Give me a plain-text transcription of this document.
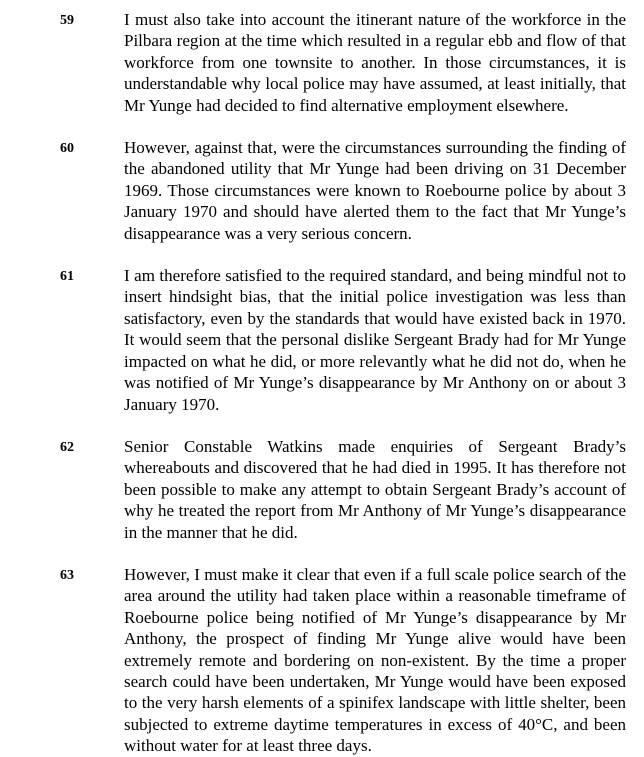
59	I must also take into account the itinerant nature of the workforce in the Pilbara region at the time which resulted in a regular ebb and flow of that workforce from one townsite to another. In those circumstances, it is understandable why local police may have assumed, at least initially, that Mr Yunge had decided to find alternative employment elsewhere.

60	However, against that, were the circumstances surrounding the finding of the abandoned utility that Mr Yunge had been driving on 31 December 1969. Those circumstances were known to Roebourne police by about 3 January 1970 and should have alerted them to the fact that Mr Yunge’s disappearance was a very serious concern.

61	I am therefore satisfied to the required standard, and being mindful not to insert hindsight bias, that the initial police investigation was less than satisfactory, even by the standards that would have existed back in 1970. It would seem that the personal dislike Sergeant Brady had for Mr Yunge impacted on what he did, or more relevantly what he did not do, when he was notified of Mr Yunge’s disappearance by Mr Anthony on or about 3 January 1970.

62	Senior Constable Watkins made enquiries of Sergeant Brady’s whereabouts and discovered that he had died in 1995. It has therefore not been possible to make any attempt to obtain Sergeant Brady’s account of why he treated the report from Mr Anthony of Mr Yunge’s disappearance in the manner that he did.

63	However, I must make it clear that even if a full scale police search of the area around the utility had taken place within a reasonable timeframe of Roebourne police being notified of Mr Yunge’s disappearance by Mr Anthony, the prospect of finding Mr Yunge alive would have been extremely remote and bordering on non-existent. By the time a proper search could have been undertaken, Mr Yunge would have been exposed to the very harsh elements of a spinifex landscape with little shelter, been subjected to extreme daytime temperatures in excess of 40°C, and been without water for at least three days.
